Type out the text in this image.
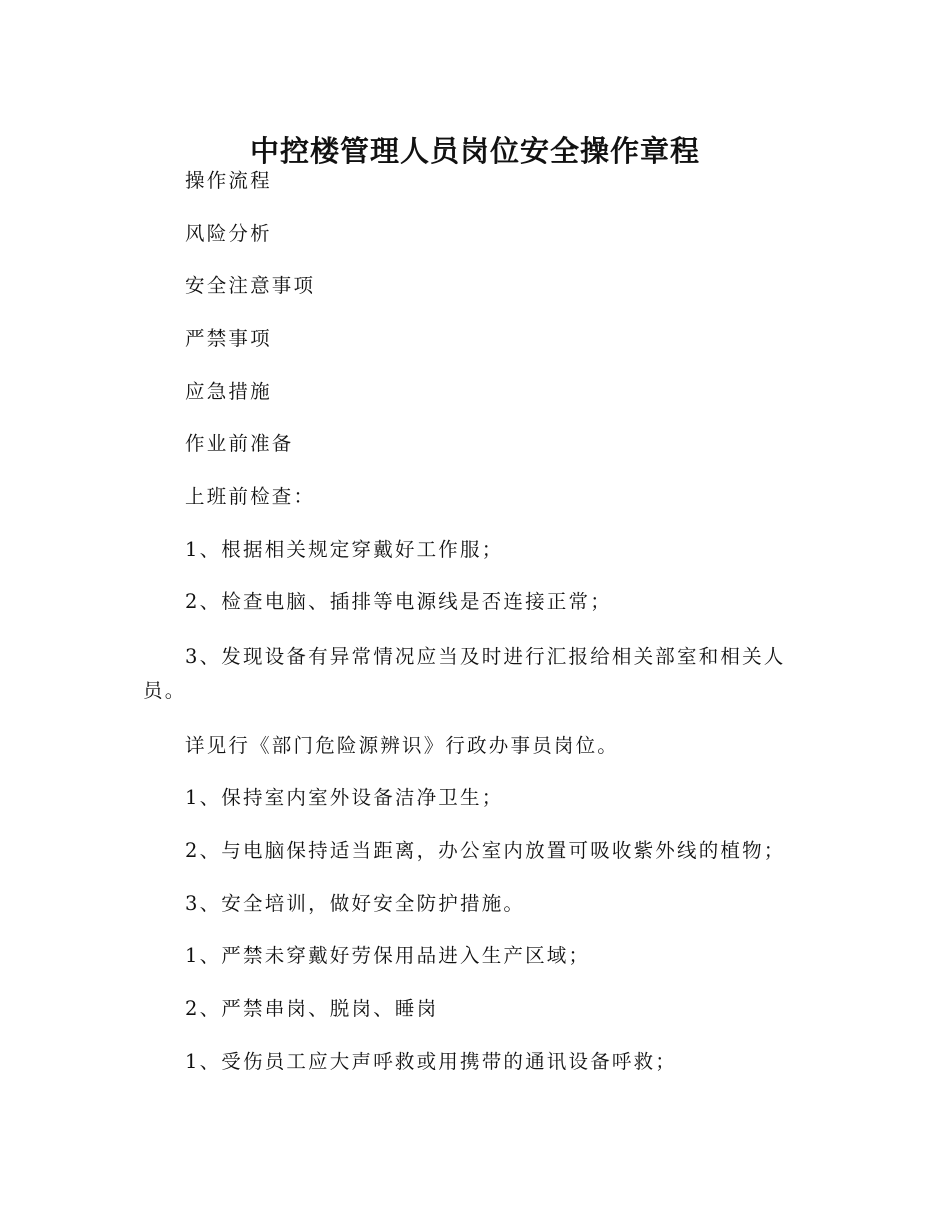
中控楼管理人员岗位安全操作章程

操作流程

风险分析

安全注意事项

严禁事项

应急措施

作业前准备

上班前检查：

1、根据相关规定穿戴好工作服；

2、检查电脑、插排等电源线是否连接正常；

3、发现设备有异常情况应当及时进行汇报给相关部室和相关人员。

详见行《部门危险源辨识》行政办事员岗位。

1、保持室内室外设备洁净卫生；

2、与电脑保持适当距离，办公室内放置可吸收紫外线的植物；

3、安全培训，做好安全防护措施。

1、严禁未穿戴好劳保用品进入生产区域；

2、严禁串岗、脱岗、睡岗

1、受伤员工应大声呼救或用携带的通讯设备呼救；
